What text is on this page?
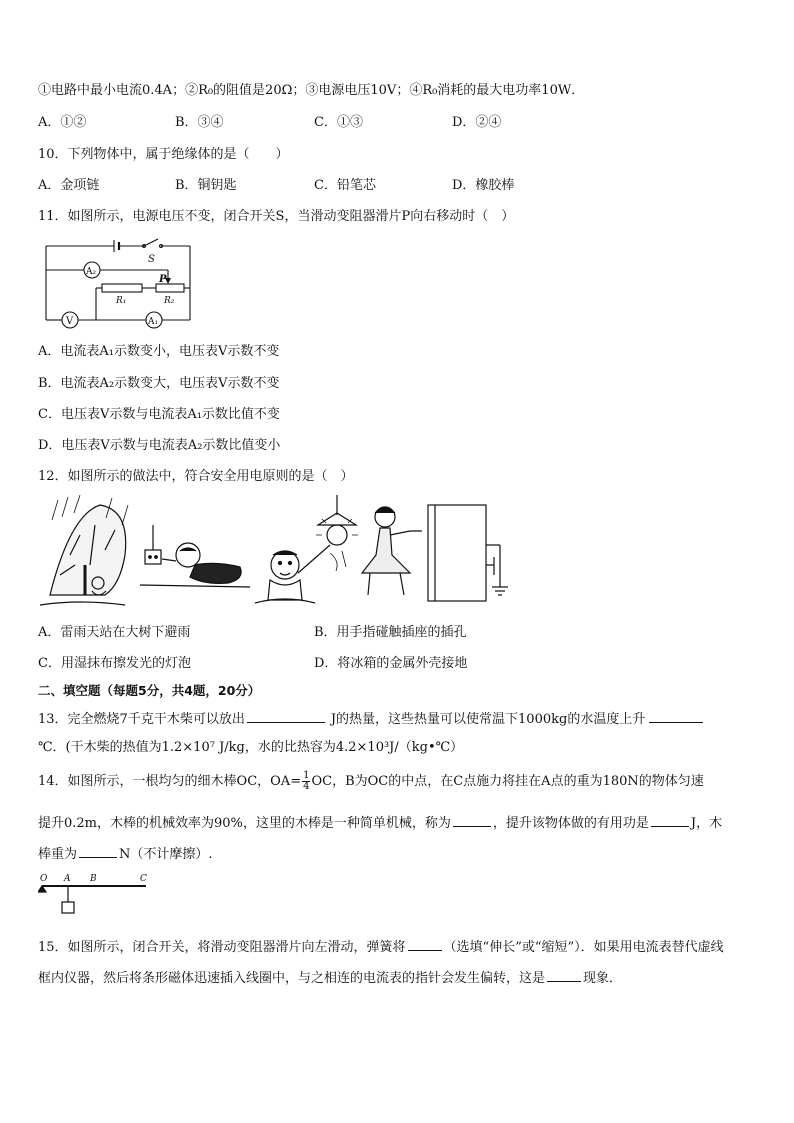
①电路中最小电流0.4A；②R₀的阻值是20Ω；③电源电压10V；④R₀消耗的最大电功率10W．
A．①②	B．③④	C．①③	D．②④
10．下列物体中，属于绝缘体的是（　　）
A．金项链	B．铜钥匙	C．铅笔芯	D．橡胶棒
11．如图所示，电源电压不变，闭合开关S，当滑动变阻器滑片P向右移动时（　）
S
P
R₁	R₂
A₂
V	A₁
A．电流表A₁示数变小，电压表V示数不变
B．电流表A₂示数变大，电压表V示数不变
C．电压表V示数与电流表A₁示数比值不变
D．电压表V示数与电流表A₂示数比值变小
12．如图所示的做法中，符合安全用电原则的是（　）
A．雷雨天站在大树下避雨	B．用手指碰触插座的插孔
C．用湿抹布擦发光的灯泡	D．将冰箱的金属外壳接地
二、填空题（每题5分，共4题，20分）
13．完全燃烧7千克干木柴可以放出	J的热量，这些热量可以使常温下1000kg的水温度上升
℃．(干木柴的热值为1.2×10⁷ J/kg，水的比热容为4.2×10³J/（kg•℃）
14．如图所示，一根均匀的细木棒OC，$OA= \frac{1}{4}$ OC，B为OC的中点，在C点施力将挂在A点的重为180N的物体匀速
提升0.2m，木棒的机械效率为90%，这里的木棒是一种简单机械，称为	，提升该物体做的有用功是	J，木
棒重为	N（不计摩擦）.
O A B	C
15．如图所示，闭合开关，将滑动变阻器滑片向左滑动，弹簧将	（选填“伸长”或“缩短”）．如果用电流表替代虚线
框内仪器，然后将条形磁体迅速插入线圈中，与之相连的电流表的指针会发生偏转，这是	现象．
